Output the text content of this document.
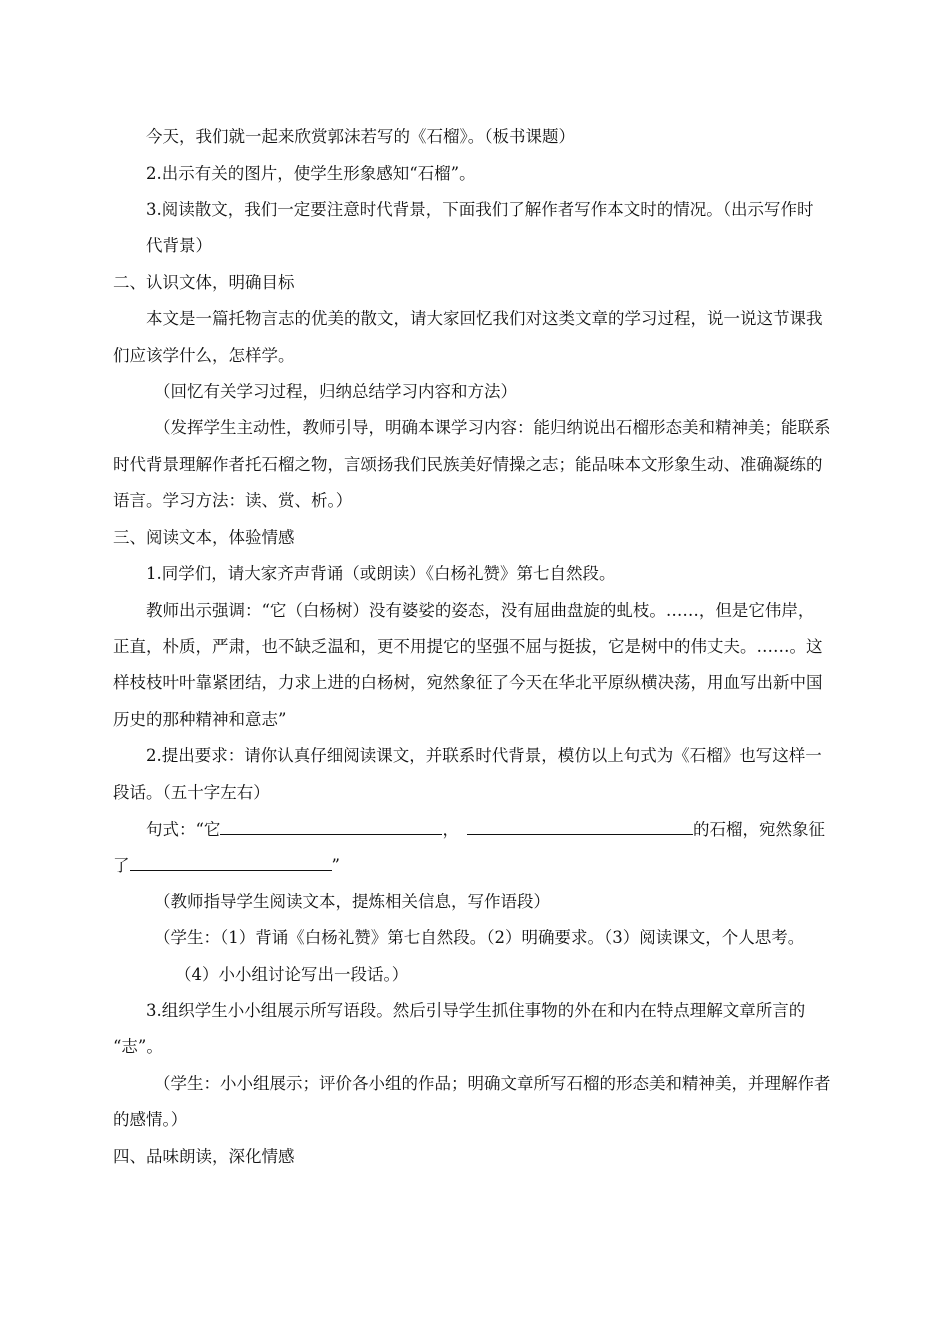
今天，我们就一起来欣赏郭沫若写的《石榴》。（板书课题）
2.出示有关的图片，使学生形象感知“石榴”。
3.阅读散文，我们一定要注意时代背景，下面我们了解作者写作本文时的情况。（出示写作时
代背景）
二、认识文体，明确目标
本文是一篇托物言志的优美的散文，请大家回忆我们对这类文章的学习过程，说一说这节课我
们应该学什么，怎样学。
（回忆有关学习过程，归纳总结学习内容和方法）
（发挥学生主动性，教师引导，明确本课学习内容：能归纳说出石榴形态美和精神美；能联系
时代背景理解作者托石榴之物，言颂扬我们民族美好情操之志；能品味本文形象生动、准确凝练的
语言。学习方法：读、赏、析。）
三、阅读文本，体验情感
1.同学们，请大家齐声背诵（或朗读）《白杨礼赞》第七自然段。
教师出示强调：“它（白杨树）没有婆娑的姿态，没有屈曲盘旋的虬枝。……，但是它伟岸，
正直，朴质，严肃，也不缺乏温和，更不用提它的坚强不屈与挺拔，它是树中的伟丈夫。……。这
样枝枝叶叶靠紧团结，力求上进的白杨树，宛然象征了今天在华北平原纵横决荡，用血写出新中国
历史的那种精神和意志”
2.提出要求：请你认真仔细阅读课文，并联系时代背景，模仿以上句式为《石榴》也写这样一
段话。（五十字左右）
句式：“它	，	的石榴，宛然象征
了	”
（教师指导学生阅读文本，提炼相关信息，写作语段）
（学生：（1）背诵《白杨礼赞》第七自然段。（2）明确要求。（3）阅读课文，个人思考。
（4）小小组讨论写出一段话。）
3.组织学生小小组展示所写语段。然后引导学生抓住事物的外在和内在特点理解文章所言的
“志”。
（学生：小小组展示；评价各小组的作品；明确文章所写石榴的形态美和精神美，并理解作者
的感情。）
四、品味朗读，深化情感
